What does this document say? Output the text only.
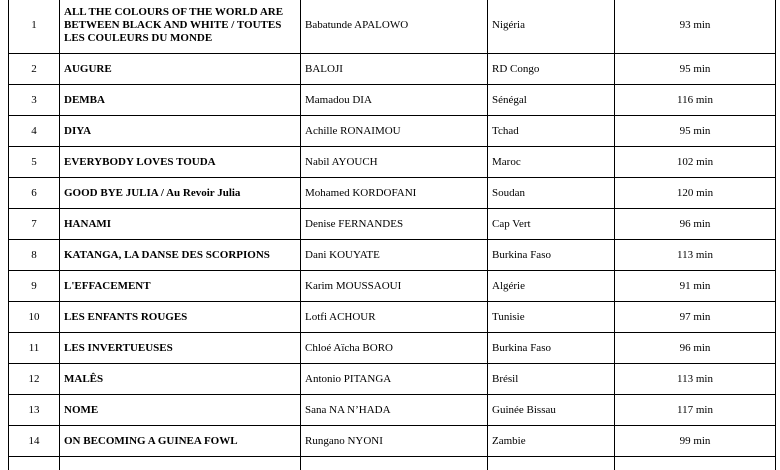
1	ALL THE COLOURS OF THE WORLD ARE BETWEEN BLACK AND WHITE / TOUTES LES COULEURS DU MONDE	Babatunde APALOWO	Nigéria	93 min
2	AUGURE	BALOJI	RD Congo	95 min
3	DEMBA	Mamadou DIA	Sénégal	116 min
4	DIYA	Achille RONAIMOU	Tchad	95 min
5	EVERYBODY LOVES TOUDA	Nabil AYOUCH	Maroc	102 min
6	GOOD BYE JULIA / Au Revoir Julia	Mohamed KORDOFANI	Soudan	120 min
7	HANAMI	Denise FERNANDES	Cap Vert	96 min
8	KATANGA, LA DANSE DES SCORPIONS	Dani KOUYATE	Burkina Faso	113 min
9	L'EFFACEMENT	Karim MOUSSAOUI	Algérie	91 min
10	LES ENFANTS ROUGES	Lotfi ACHOUR	Tunisie	97 min
11	LES INVERTUEUSES	Chloé Aïcha BORO	Burkina Faso	96 min
12	MALÊS	Antonio PITANGA	Brésil	113 min
13	NOME	Sana NA N’HADA	Guinée Bissau	117 min
14	ON BECOMING A GUINEA FOWL	Rungano NYONI	Zambie	99 min
